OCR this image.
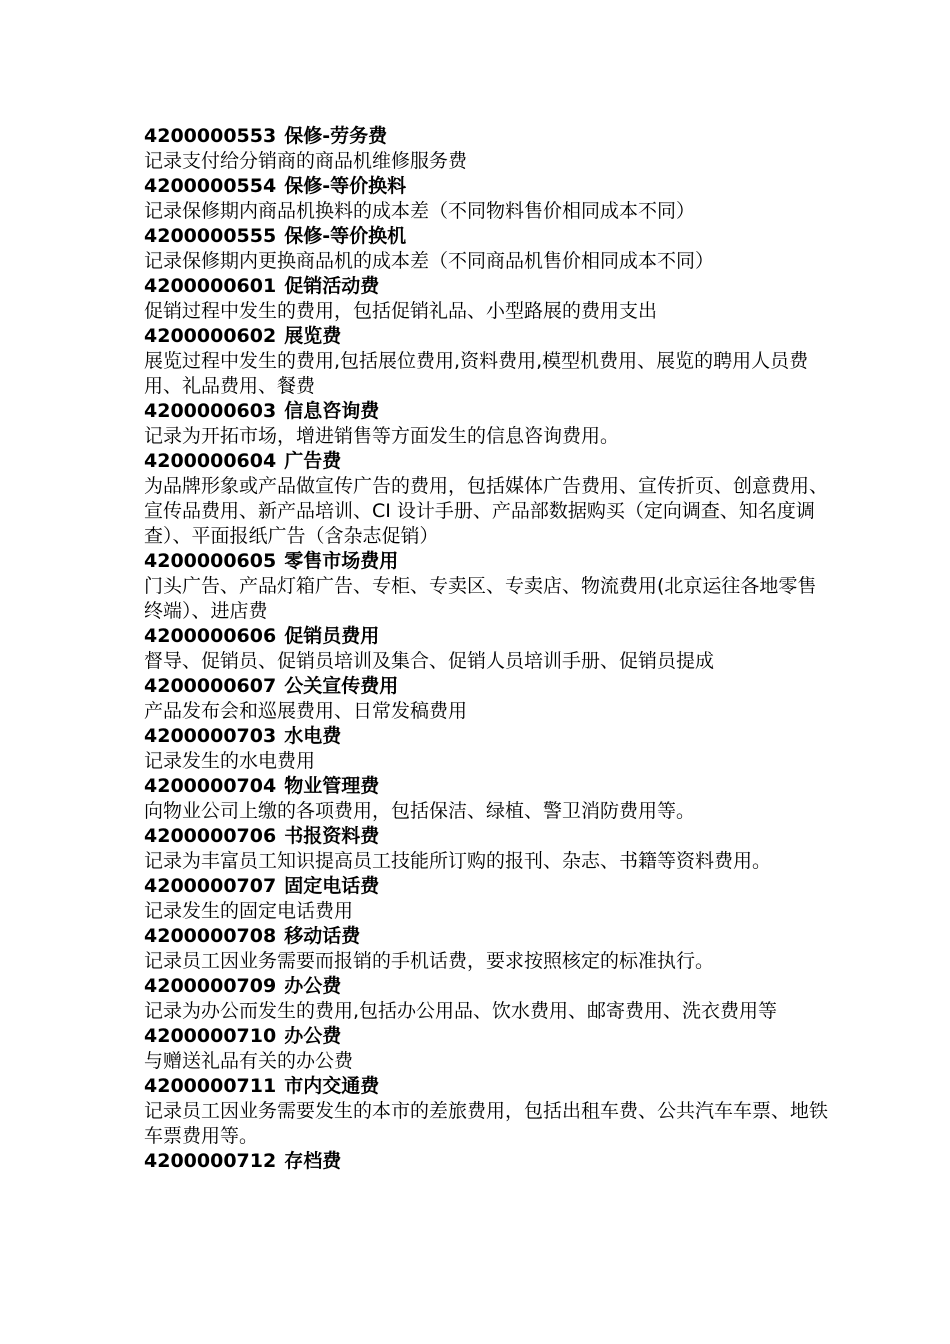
4200000553 保修-劳务费
记录支付给分销商的商品机维修服务费
4200000554 保修-等价换料
记录保修期内商品机换料的成本差（不同物料售价相同成本不同）
4200000555 保修-等价换机
记录保修期内更换商品机的成本差（不同商品机售价相同成本不同）
4200000601 促销活动费
促销过程中发生的费用，包括促销礼品、小型路展的费用支出
4200000602 展览费
展览过程中发生的费用,包括展位费用,资料费用,模型机费用、展览的聘用人员费用、礼品费用、餐费
4200000603 信息咨询费
记录为开拓市场，增进销售等方面发生的信息咨询费用。
4200000604 广告费
为品牌形象或产品做宣传广告的费用，包括媒体广告费用、宣传折页、创意费用、宣传品费用、新产品培训、CI 设计手册、产品部数据购买（定向调查、知名度调查）、平面报纸广告（含杂志促销）
4200000605 零售市场费用
门头广告、产品灯箱广告、专柜、专卖区、专卖店、物流费用(北京运往各地零售终端）、进店费
4200000606 促销员费用
督导、促销员、促销员培训及集合、促销人员培训手册、促销员提成
4200000607 公关宣传费用
产品发布会和巡展费用、日常发稿费用
4200000703 水电费
记录发生的水电费用
4200000704 物业管理费
向物业公司上缴的各项费用，包括保洁、绿植、警卫消防费用等。
4200000706 书报资料费
记录为丰富员工知识提高员工技能所订购的报刊、杂志、书籍等资料费用。
4200000707 固定电话费
记录发生的固定电话费用
4200000708 移动话费
记录员工因业务需要而报销的手机话费，要求按照核定的标准执行。
4200000709 办公费
记录为办公而发生的费用,包括办公用品、饮水费用、邮寄费用、洗衣费用等
4200000710 办公费
与赠送礼品有关的办公费
4200000711 市内交通费
记录员工因业务需要发生的本市的差旅费用，包括出租车费、公共汽车车票、地铁车票费用等。
4200000712 存档费
